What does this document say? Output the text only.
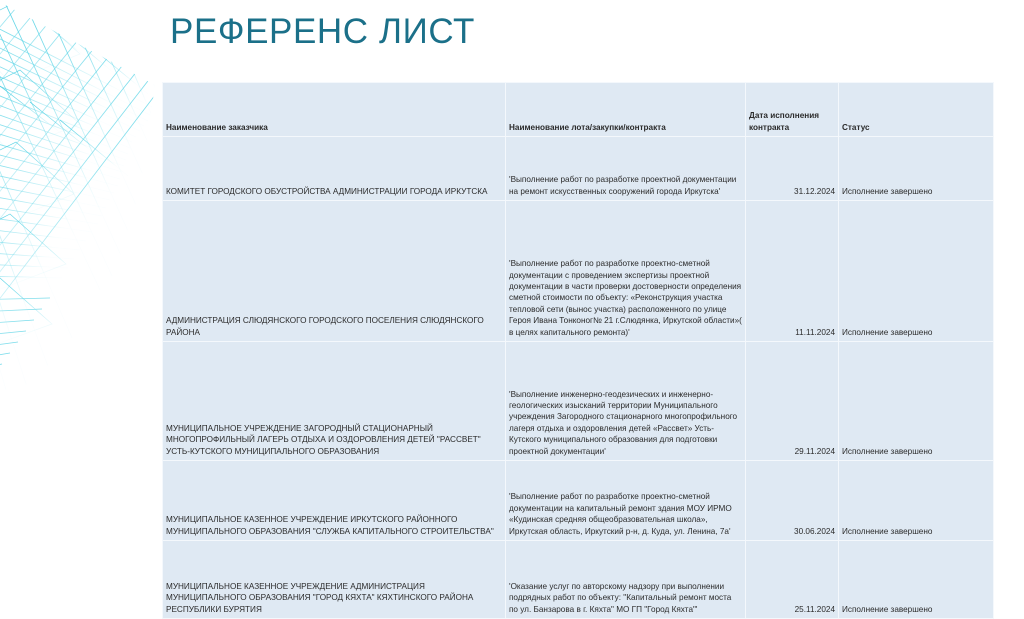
РЕФЕРЕНС ЛИСТ
Наименование заказчика	Наименование лота/закупки/контракта	Дата исполнения контракта	Статус
КОМИТЕТ ГОРОДСКОГО ОБУСТРОЙСТВА АДМИНИСТРАЦИИ ГОРОДА ИРКУТСКА	'Выполнение работ по разработке проектной документации на ремонт искусственных сооружений города Иркутска'	31.12.2024	Исполнение завершено
АДМИНИСТРАЦИЯ СЛЮДЯНСКОГО ГОРОДСКОГО ПОСЕЛЕНИЯ СЛЮДЯНСКОГО РАЙОНА	'Выполнение работ по разработке проектно-сметной документации с проведением экспертизы проектной документации в части проверки достоверности определения сметной стоимости по объекту: «Реконструкция участка тепловой сети (вынос участка) расположенного по улице Героя Ивана Тонконог№ 21 г.Слюдянка, Иркутской области»( в целях капитального ремонта)'	11.11.2024	Исполнение завершено
МУНИЦИПАЛЬНОЕ УЧРЕЖДЕНИЕ ЗАГОРОДНЫЙ СТАЦИОНАРНЫЙ МНОГОПРОФИЛЬНЫЙ ЛАГЕРЬ ОТДЫХА И ОЗДОРОВЛЕНИЯ ДЕТЕЙ "РАССВЕТ" УСТЬ-КУТСКОГО МУНИЦИПАЛЬНОГО ОБРАЗОВАНИЯ	'Выполнение инженерно-геодезических и инженерно-геологических изысканий территории Муниципального учреждения Загородного стационарного многопрофильного лагеря отдыха и оздоровления детей «Рассвет» Усть-Кутского муниципального образования для подготовки проектной документации'	29.11.2024	Исполнение завершено
МУНИЦИПАЛЬНОЕ КАЗЕННОЕ УЧРЕЖДЕНИЕ ИРКУТСКОГО РАЙОННОГО МУНИЦИПАЛЬНОГО ОБРАЗОВАНИЯ "СЛУЖБА КАПИТАЛЬНОГО СТРОИТЕЛЬСТВА"	'Выполнение работ по разработке проектно-сметной документации на капитальный ремонт здания МОУ ИРМО «Кудинская средняя общеобразовательная школа», Иркутская область, Иркутский р-н, д. Куда, ул. Ленина, 7а'	30.06.2024	Исполнение завершено
МУНИЦИПАЛЬНОЕ КАЗЕННОЕ УЧРЕЖДЕНИЕ АДМИНИСТРАЦИЯ МУНИЦИПАЛЬНОГО ОБРАЗОВАНИЯ "ГОРОД КЯХТА" КЯХТИНСКОГО РАЙОНА РЕСПУБЛИКИ БУРЯТИЯ	'Оказание услуг по авторскому надзору при выполнении подрядных работ по объекту: "Капитальный ремонт моста по ул. Банзарова в г. Кяхта" МО ГП "Город Кяхта"'	25.11.2024	Исполнение завершено
